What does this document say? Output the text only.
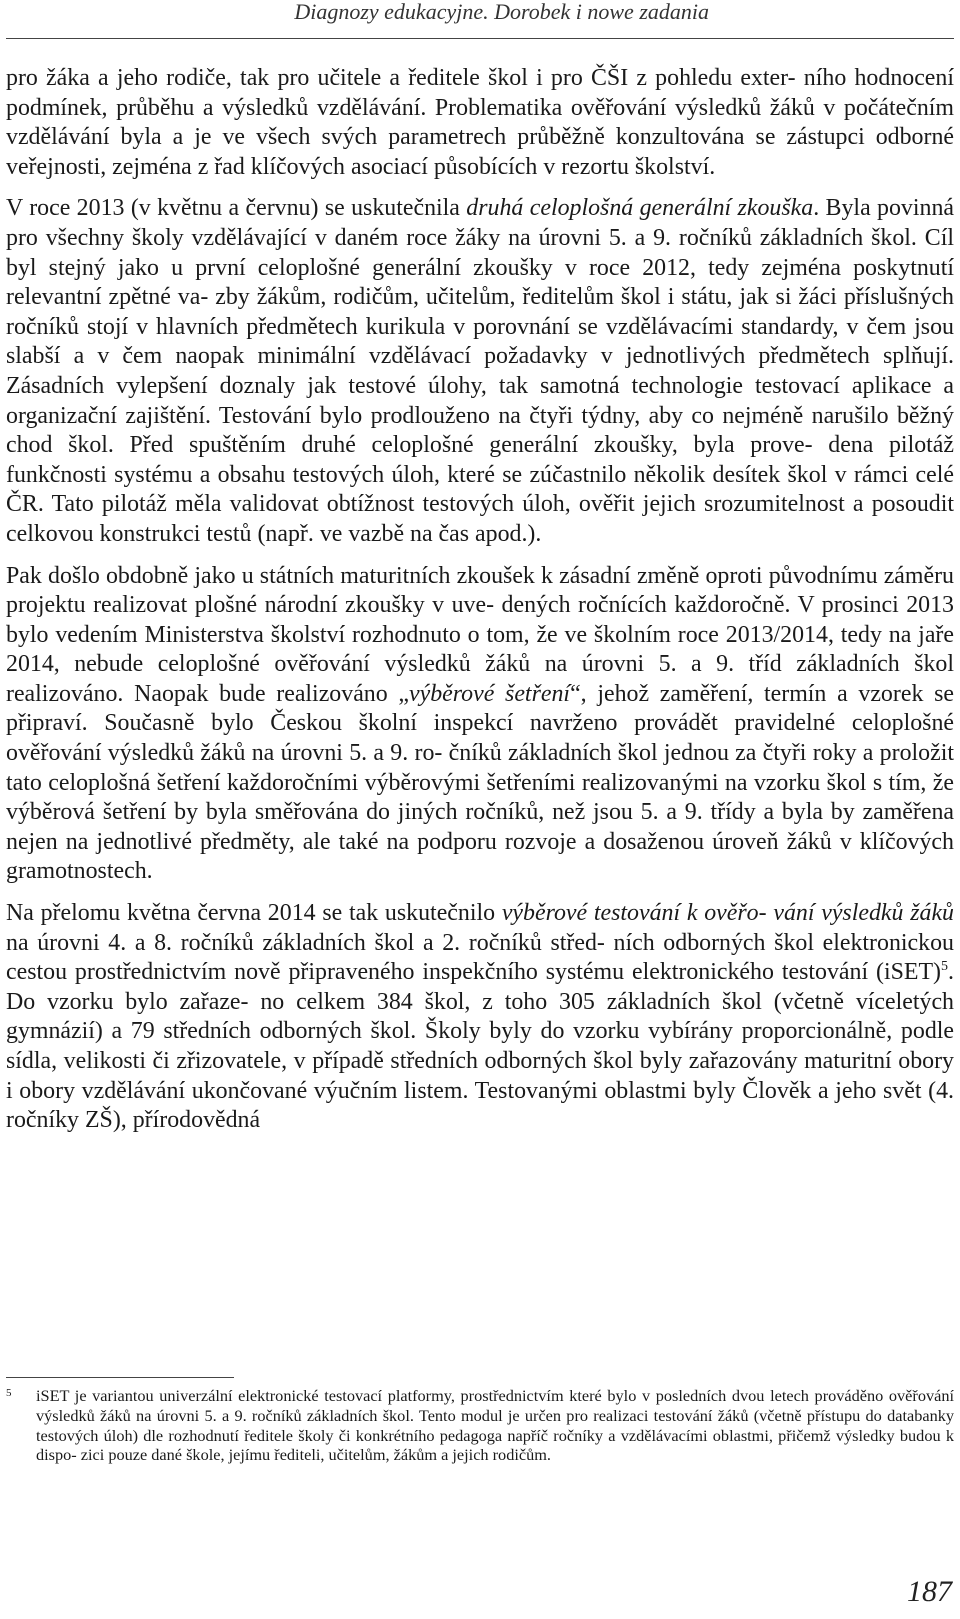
Diagnozy edukacyjne. Dorobek i nowe zadania

pro žáka a jeho rodiče, tak pro učitele a ředitele škol i pro ČŠI z pohledu exter- ního hodnocení podmínek, průběhu a výsledků vzdělávání. Problematika ověřování výsledků žáků v počátečním vzdělávání byla a je ve všech svých parametrech průběžně konzultována se zástupci odborné veřejnosti, zejména z řad klíčových asociací působících v rezortu školství.

V roce 2013 (v květnu a červnu) se uskutečnila druhá celoplošná generální zkouška. Byla povinná pro všechny školy vzdělávající v daném roce žáky na úrovni 5. a 9. ročníků základních škol. Cíl byl stejný jako u první celoplošné generální zkoušky v roce 2012, tedy zejména poskytnutí relevantní zpětné va- zby žákům, rodičům, učitelům, ředitelům škol i státu, jak si žáci příslušných ročníků stojí v hlavních předmětech kurikula v porovnání se vzdělávacími standardy, v čem jsou slabší a v čem naopak minimální vzdělávací požadavky v jednotlivých předmětech splňují. Zásadních vylepšení doznaly jak testové úlohy, tak samotná technologie testovací aplikace a organizační zajištění. Testování bylo prodlouženo na čtyři týdny, aby co nejméně narušilo běžný chod škol. Před spuštěním druhé celoplošné generální zkoušky, byla prove- dena pilotáž funkčnosti systému a obsahu testových úloh, které se zúčastnilo několik desítek škol v rámci celé ČR. Tato pilotáž měla validovat obtížnost testových úloh, ověřit jejich srozumitelnost a posoudit celkovou konstrukci testů (např. ve vazbě na čas apod.).

Pak došlo obdobně jako u státních maturitních zkoušek k zásadní změně oproti původnímu záměru projektu realizovat plošné národní zkoušky v uve- dených ročnících každoročně. V prosinci 2013 bylo vedením Ministerstva školství rozhodnuto o tom, že ve školním roce 2013/2014, tedy na jaře 2014, nebude celoplošné ověřování výsledků žáků na úrovni 5. a 9. tříd základních škol realizováno. Naopak bude realizováno „výběrové šetření“, jehož zaměření, termín a vzorek se připraví. Současně bylo Českou školní inspekcí navrženo provádět pravidelné celoplošné ověřování výsledků žáků na úrovni 5. a 9. ro- čníků základních škol jednou za čtyři roky a proložit tato celoplošná šetření každoročními výběrovými šetřeními realizovanými na vzorku škol s tím, že výběrová šetření by byla směřována do jiných ročníků, než jsou 5. a 9. třídy a byla by zaměřena nejen na jednotlivé předměty, ale také na podporu rozvoje a dosaženou úroveň žáků v klíčových gramotnostech.

Na přelomu května června 2014 se tak uskutečnilo výběrové testování k ověřo- vání výsledků žáků na úrovni 4. a 8. ročníků základních škol a 2. ročníků střed- ních odborných škol elektronickou cestou prostřednictvím nově připraveného inspekčního systému elektronického testování (iSET)$^5$. Do vzorku bylo zařaze- no celkem 384 škol, z toho 305 základních škol (včetně víceletých gymnázií) a 79 středních odborných škol. Školy byly do vzorku vybírány proporcionálně, podle sídla, velikosti či zřizovatele, v případě středních odborných škol byly zařazovány maturitní obory i obory vzdělávání ukončované výučním listem. Testovanými oblastmi byly Člověk a jeho svět (4. ročníky ZŠ), přírodovědná

5	iSET je variantou univerzální elektronické testovací platformy, prostřednictvím které bylo v posledních dvou letech prováděno ověřování výsledků žáků na úrovni 5. a 9. ročníků základních škol. Tento modul je určen pro realizaci testování žáků (včetně přístupu do databanky testových úloh) dle rozhodnutí ředitele školy či konkrétního pedagoga napříč ročníky a vzdělávacími oblastmi, přičemž výsledky budou k dispo- zici pouze dané škole, jejímu řediteli, učitelům, žákům a jejich rodičům.
187
